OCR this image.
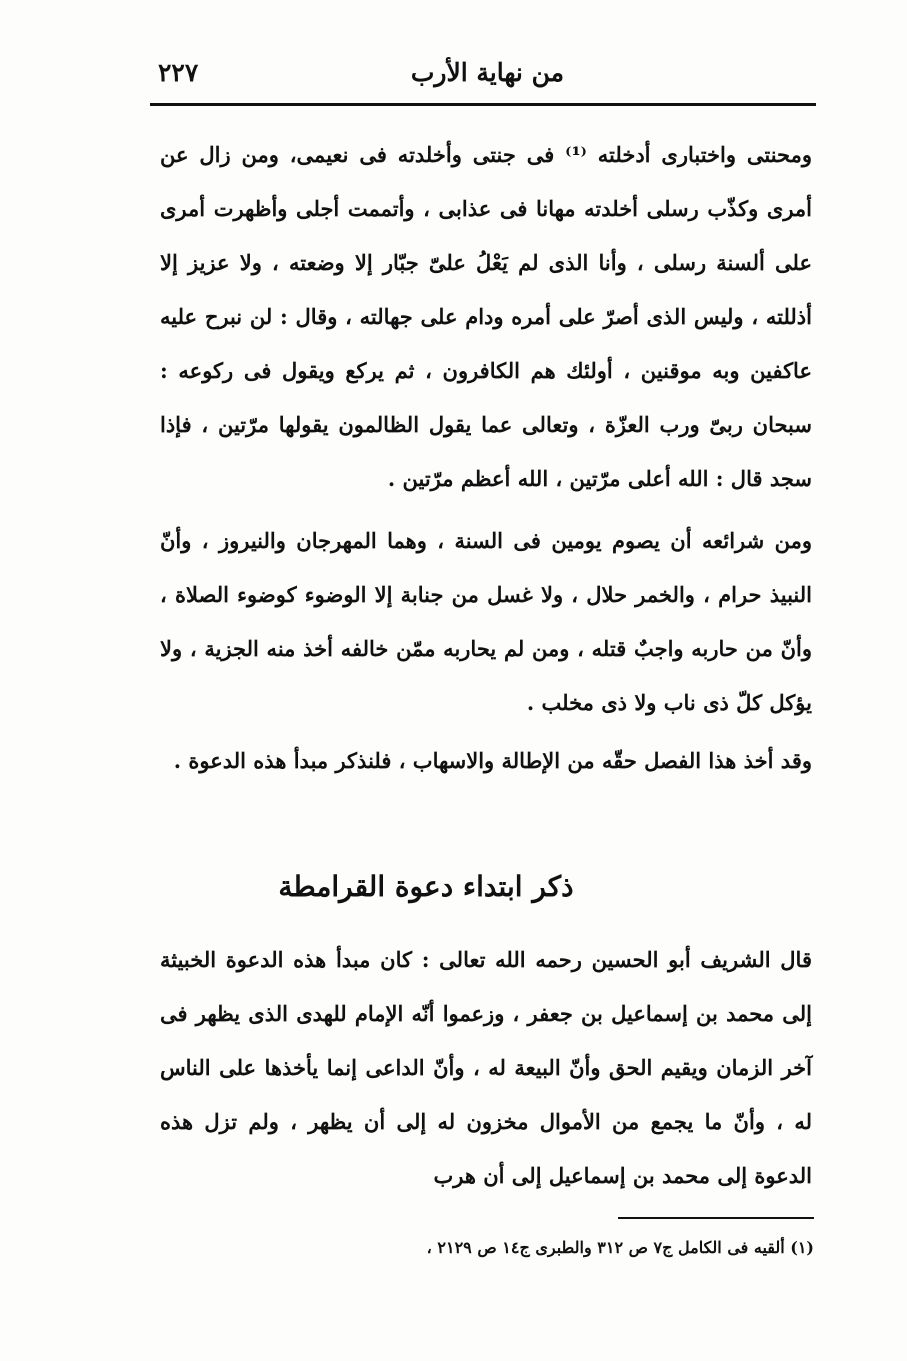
من نهاية الأرب
٢٢٧
ومحنتى واختبارى أدخلته ⁽¹⁾ فى جنتى وأخلدته فى نعيمى، ومن زال عن أمرى وكذّب رسلى أخلدته مهانا فى عذابى ، وأتممت أجلى وأظهرت أمرى على ألسنة رسلى ، وأنا الذى لم يَعْلُ علىّ جبّار إلا وضعته ، ولا عزيز إلا أذللته ، وليس الذى أصرّ على أمره ودام على جهالته ، وقال : لن نبرح عليه عاكفين وبه موقنين ، أولئك هم الكافرون ، ثم يركع ويقول فى ركوعه : سبحان ربىّ ورب العزّة ، وتعالى عما يقول الظالمون يقولها مرّتين ، فإذا سجد قال : الله أعلى مرّتين ، الله أعظم مرّتين .
ومن شرائعه أن يصوم يومين فى السنة ، وهما المهرجان والنيروز ، وأنّ النبيذ حرام ، والخمر حلال ، ولا غسل من جنابة إلا الوضوء كوضوء الصلاة ، وأنّ من حاربه واجبٌ قتله ، ومن لم يحاربه ممّن خالفه أخذ منه الجزية ، ولا يؤكل كلّ ذى ناب ولا ذى مخلب .
وقد أخذ هذا الفصل حقّه من الإطالة والاسهاب ، فلنذكر مبدأ هذه الدعوة .
ذكر ابتداء دعوة القرامطة
قال الشريف أبو الحسين رحمه الله تعالى : كان مبدأ هذه الدعوة الخبيثة إلى محمد بن إسماعيل بن جعفر ، وزعموا أنّه الإمام للهدى الذى يظهر فى آخر الزمان ويقيم الحق وأنّ البيعة له ، وأنّ الداعى إنما يأخذها على الناس له ، وأنّ ما يجمع من الأموال مخزون له إلى أن يظهر ، ولم تزل هذه الدعوة إلى محمد بن إسماعيل إلى أن هرب
(١) ألقيه فى الكامل ج٧ ص ٣١٢ والطبرى ج١٤ ص ٢١٢٩ ،
